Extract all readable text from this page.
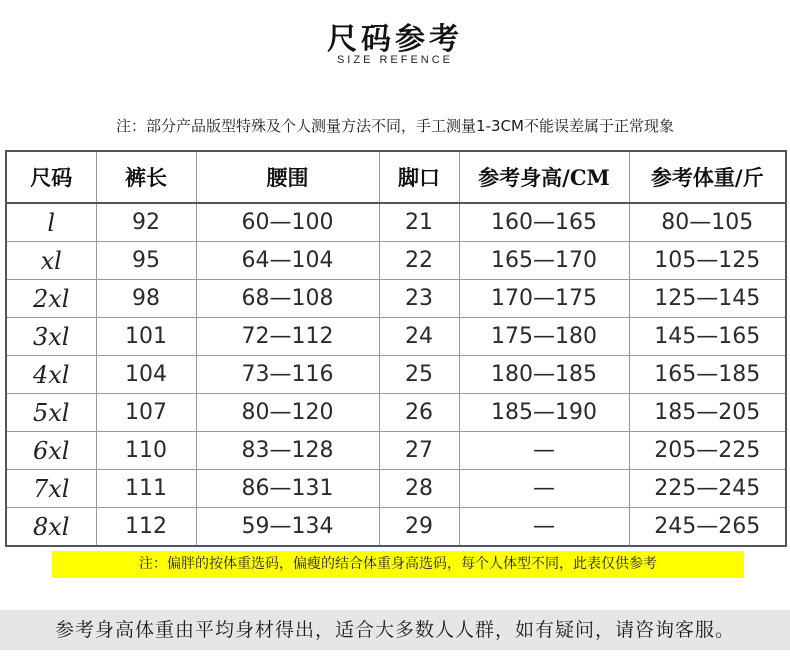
尺码参考
SIZE REFENCE
注：部分产品版型特殊及个人测量方法不同，手工测量1-3CM不能误差属于正常现象
尺码	裤长	腰围	脚口	参考身高/CM	参考体重/斤
l	92	60—100	21	160—165	80—105
xl	95	64—104	22	165—170	105—125
2xl	98	68—108	23	170—175	125—145
3xl	101	72—112	24	175—180	145—165
4xl	104	73—116	25	180—185	165—185
5xl	107	80—120	26	185—190	185—205
6xl	110	83—128	27	—	205—225
7xl	111	86—131	28	—	225—245
8xl	112	59—134	29	—	245—265
注：偏胖的按体重选码，偏瘦的结合体重身高选码，每个人体型不同，此表仅供参考
参考身高体重由平均身材得出，适合大多数人人群，如有疑问，请咨询客服。
